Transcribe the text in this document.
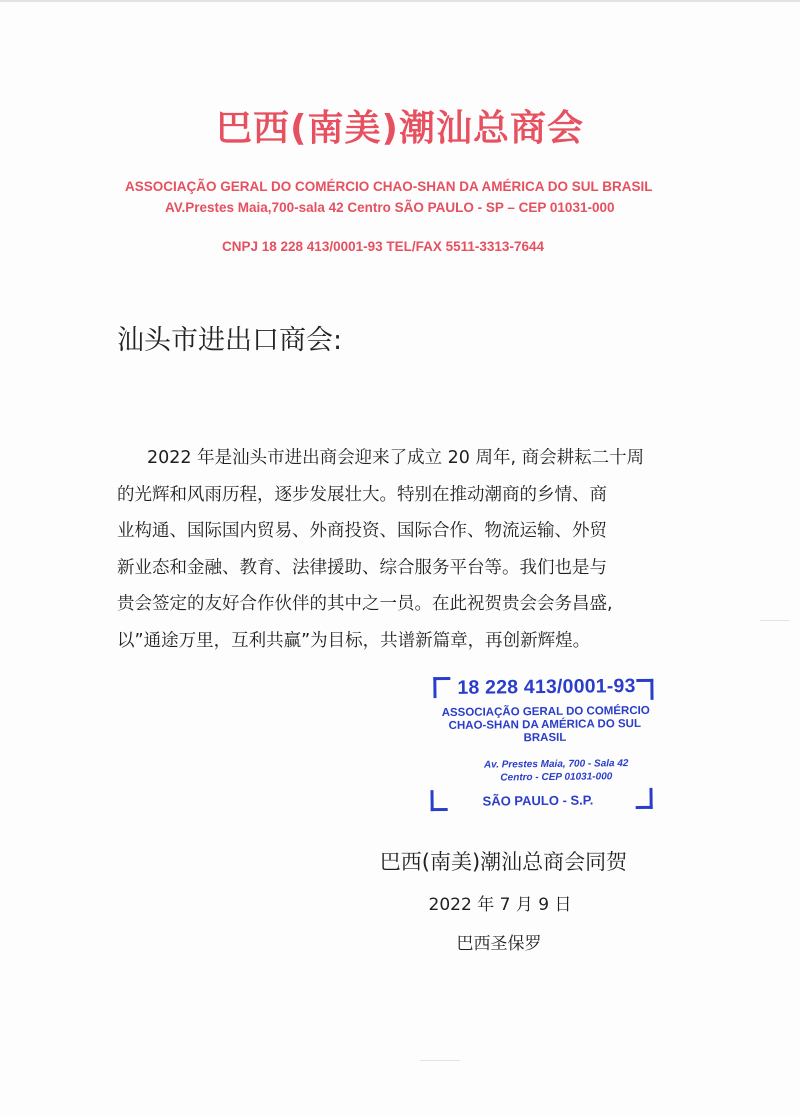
巴西(南美)潮汕总商会
ASSOCIAÇÃO GERAL DO COMÉRCIO CHAO-SHAN DA AMÉRICA DO SUL BRASIL
AV.Prestes Maia,700-sala 42 Centro SÃO PAULO - SP – CEP 01031-000
CNPJ 18 228 413/0001-93 TEL/FAX 5511-3313-7644
汕头市进出口商会:
2022 年是汕头市进出商会迎来了成立 20 周年, 商会耕耘二十周
的光辉和风雨历程，逐步发展壮大。特别在推动潮商的乡情、商
业构通、国际国内贸易、外商投资、国际合作、物流运输、外贸
新业态和金融、教育、法律援助、综合服务平台等。我们也是与
贵会签定的友好合作伙伴的其中之一员。在此祝贺贵会会务昌盛,
以”通途万里，互利共赢”为目标，共谱新篇章，再创新辉煌。
18 228 413/0001-93
ASSOCIAÇÃO GERAL DO COMÉRCIO
CHAO-SHAN DA AMÉRICA DO SUL
BRASIL
Av. Prestes Maia, 700 - Sala 42
Centro - CEP 01031-000
SÃO PAULO - S.P.
巴西(南美)潮汕总商会同贺
2022 年 7 月 9 日
巴西圣保罗
